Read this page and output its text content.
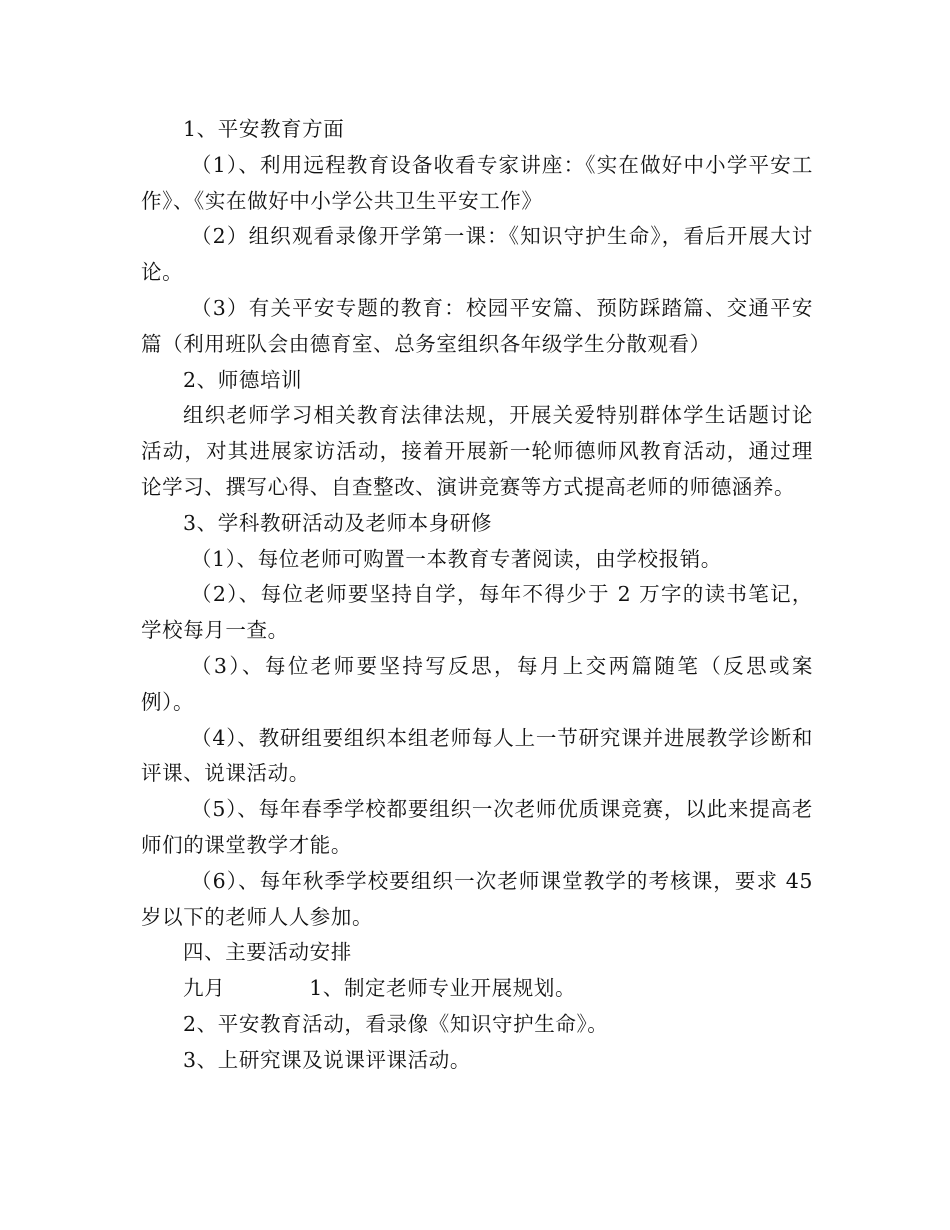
1、平安教育方面

（1）、利用远程教育设备收看专家讲座：《实在做好中小学平安工作》、《实在做好中小学公共卫生平安工作》

（2）组织观看录像开学第一课：《知识守护生命》，看后开展大讨论。

（3）有关平安专题的教育：校园平安篇、预防踩踏篇、交通平安篇（利用班队会由德育室、总务室组织各年级学生分散观看）

2、师德培训

组织老师学习相关教育法律法规，开展关爱特别群体学生话题讨论活动，对其进展家访活动，接着开展新一轮师德师风教育活动，通过理论学习、撰写心得、自查整改、演讲竞赛等方式提高老师的师德涵养。

3、学科教研活动及老师本身研修

（1）、每位老师可购置一本教育专著阅读，由学校报销。

（2）、每位老师要坚持自学，每年不得少于 2 万字的读书笔记，学校每月一查。

（3）、每位老师要坚持写反思，每月上交两篇随笔（反思或案例）。

（4）、教研组要组织本组老师每人上一节研究课并进展教学诊断和评课、说课活动。

（5）、每年春季学校都要组织一次老师优质课竞赛，以此来提高老师们的课堂教学才能。

（6）、每年秋季学校要组织一次老师课堂教学的考核课，要求 45 岁以下的老师人人参加。

四、主要活动安排

九月	1、制定老师专业开展规划。

2、平安教育活动，看录像《知识守护生命》。

3、上研究课及说课评课活动。
